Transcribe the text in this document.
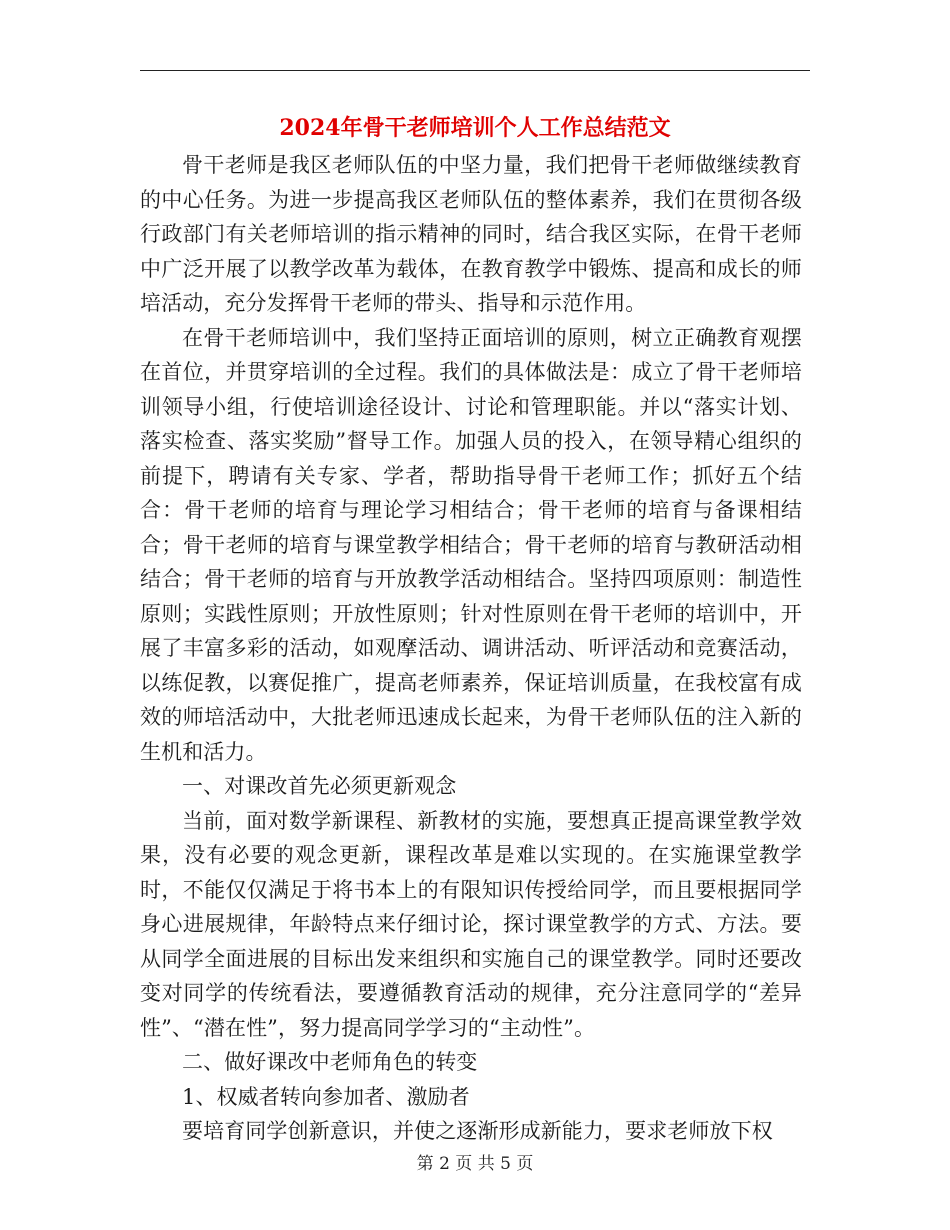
2024年骨干老师培训个人工作总结范文

骨干老师是我区老师队伍的中坚力量，我们把骨干老师做继续教育的中心任务。为进一步提高我区老师队伍的整体素养，我们在贯彻各级行政部门有关老师培训的指示精神的同时，结合我区实际，在骨干老师中广泛开展了以教学改革为载体，在教育教学中锻炼、提高和成长的师培活动，充分发挥骨干老师的带头、指导和示范作用。

在骨干老师培训中，我们坚持正面培训的原则，树立正确教育观摆在首位，并贯穿培训的全过程。我们的具体做法是：成立了骨干老师培训领导小组，行使培训途径设计、讨论和管理职能。并以“落实计划、落实检查、落实奖励”督导工作。加强人员的投入，在领导精心组织的前提下，聘请有关专家、学者，帮助指导骨干老师工作；抓好五个结合：骨干老师的培育与理论学习相结合；骨干老师的培育与备课相结合；骨干老师的培育与课堂教学相结合；骨干老师的培育与教研活动相结合；骨干老师的培育与开放教学活动相结合。坚持四项原则：制造性原则；实践性原则；开放性原则；针对性原则在骨干老师的培训中，开展了丰富多彩的活动，如观摩活动、调讲活动、听评活动和竞赛活动，以练促教，以赛促推广，提高老师素养，保证培训质量，在我校富有成效的师培活动中，大批老师迅速成长起来，为骨干老师队伍的注入新的生机和活力。

一、对课改首先必须更新观念

当前，面对数学新课程、新教材的实施，要想真正提高课堂教学效果，没有必要的观念更新，课程改革是难以实现的。在实施课堂教学时，不能仅仅满足于将书本上的有限知识传授给同学，而且要根据同学身心进展规律，年龄特点来仔细讨论，探讨课堂教学的方式、方法。要从同学全面进展的目标出发来组织和实施自己的课堂教学。同时还要改变对同学的传统看法，要遵循教育活动的规律，充分注意同学的“差异性”、“潜在性”，努力提高同学学习的“主动性”。

二、做好课改中老师角色的转变

1、权威者转向参加者、激励者

要培育同学创新意识，并使之逐渐形成新能力，要求老师放下权

第 2 页 共 5 页
